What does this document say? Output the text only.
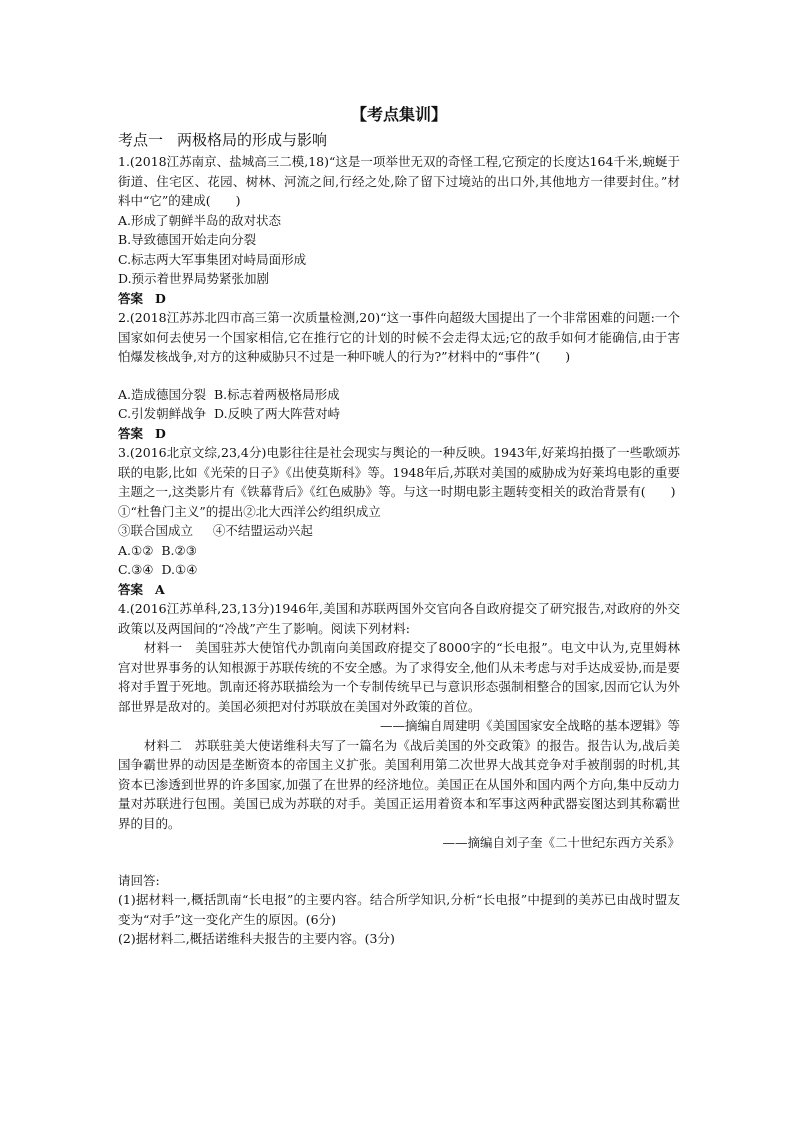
【考点集训】
考点一 两极格局的形成与影响
1.(2018江苏南京、盐城高三二模,18)“这是一项举世无双的奇怪工程,它预定的长度达164千米,蜿蜒于街道、住宅区、花园、树林、河流之间,行经之处,除了留下过境站的出口外,其他地方一律要封住。”材料中“它”的建成(　　)
A.形成了朝鲜半岛的敌对状态
B.导致德国开始走向分裂
C.标志两大军事集团对峙局面形成
D.预示着世界局势紧张加剧
答案 D
2.(2018江苏苏北四市高三第一次质量检测,20)“这一事件向超级大国提出了一个非常困难的问题:一个国家如何去使另一个国家相信,它在推行它的计划的时候不会走得太远;它的敌手如何才能确信,由于害怕爆发核战争,对方的这种威胁只不过是一种吓唬人的行为?”材料中的“事件”(　　)
A.造成德国分裂 B.标志着两极格局形成
C.引发朝鲜战争 D.反映了两大阵营对峙
答案 D
3.(2016北京文综,23,4分)电影往往是社会现实与舆论的一种反映。1943年,好莱坞拍摄了一些歌颂苏联的电影,比如《光荣的日子》《出使莫斯科》等。1948年后,苏联对美国的威胁成为好莱坞电影的重要主题之一,这类影片有《铁幕背后》《红色威胁》等。与这一时期电影主题转变相关的政治背景有(　　)
①“杜鲁门主义”的提出②北大西洋公约组织成立
③联合国成立 ④不结盟运动兴起
A.①② B.②③
C.③④ D.①④
答案 A
4.(2016江苏单科,23,13分)1946年,美国和苏联两国外交官向各自政府提交了研究报告,对政府的外交政策以及两国间的“冷战”产生了影响。阅读下列材料:
材料一　美国驻苏大使馆代办凯南向美国政府提交了8000字的“长电报”。电文中认为,克里姆林宫对世界事务的认知根源于苏联传统的不安全感。为了求得安全,他们从未考虑与对手达成妥协,而是要将对手置于死地。凯南还将苏联描绘为一个专制传统早已与意识形态强制相整合的国家,因而它认为外部世界是敌对的。美国必须把对付苏联放在美国对外政策的首位。
——摘编自周建明《美国国家安全战略的基本逻辑》等
材料二　苏联驻美大使诺维科夫写了一篇名为《战后美国的外交政策》的报告。报告认为,战后美国争霸世界的动因是垄断资本的帝国主义扩张。美国利用第二次世界大战其竞争对手被削弱的时机,其资本已渗透到世界的许多国家,加强了在世界的经济地位。美国正在从国外和国内两个方向,集中反动力量对苏联进行包围。美国已成为苏联的对手。美国正运用着资本和军事这两种武器妄图达到其称霸世界的目的。
——摘编自刘子奎《二十世纪东西方关系》
请回答:
(1)据材料一,概括凯南“长电报”的主要内容。结合所学知识,分析“长电报”中提到的美苏已由战时盟友变为“对手”这一变化产生的原因。(6分)
(2)据材料二,概括诺维科夫报告的主要内容。(3分)
